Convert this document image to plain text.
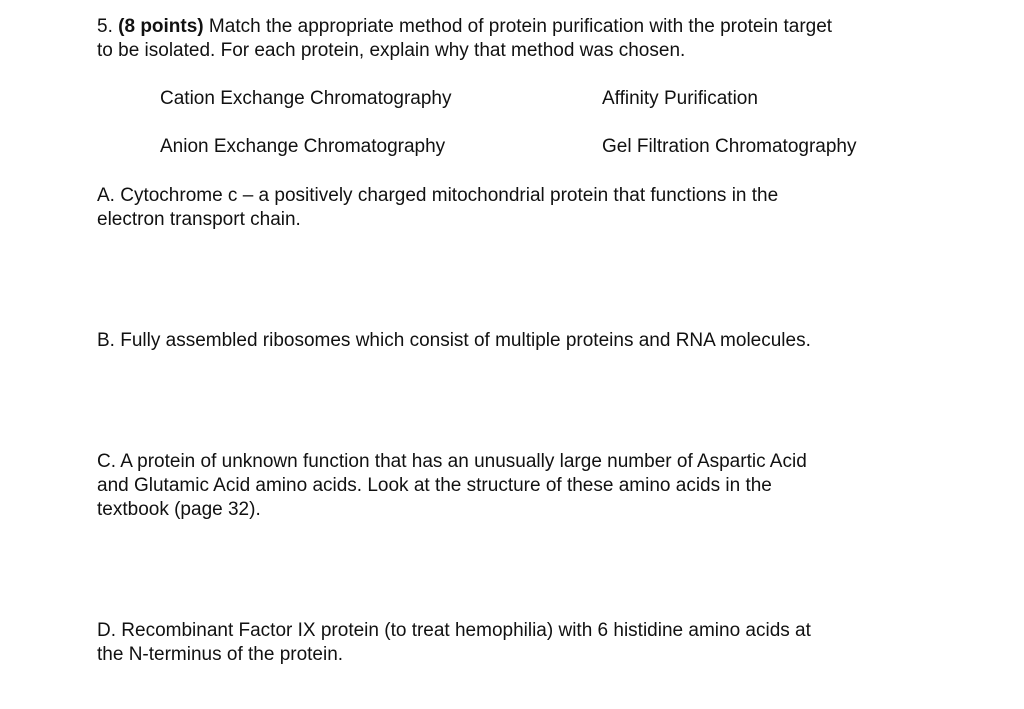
5. (8 points) Match the appropriate method of protein purification with the protein target
to be isolated. For each protein, explain why that method was chosen.
Cation Exchange Chromatography	Affinity Purification
Anion Exchange Chromatography	Gel Filtration Chromatography
A. Cytochrome c – a positively charged mitochondrial protein that functions in the
electron transport chain.
B. Fully assembled ribosomes which consist of multiple proteins and RNA molecules.
C. A protein of unknown function that has an unusually large number of Aspartic Acid
and Glutamic Acid amino acids. Look at the structure of these amino acids in the
textbook (page 32).
D. Recombinant Factor IX protein (to treat hemophilia) with 6 histidine amino acids at
the N-terminus of the protein.
